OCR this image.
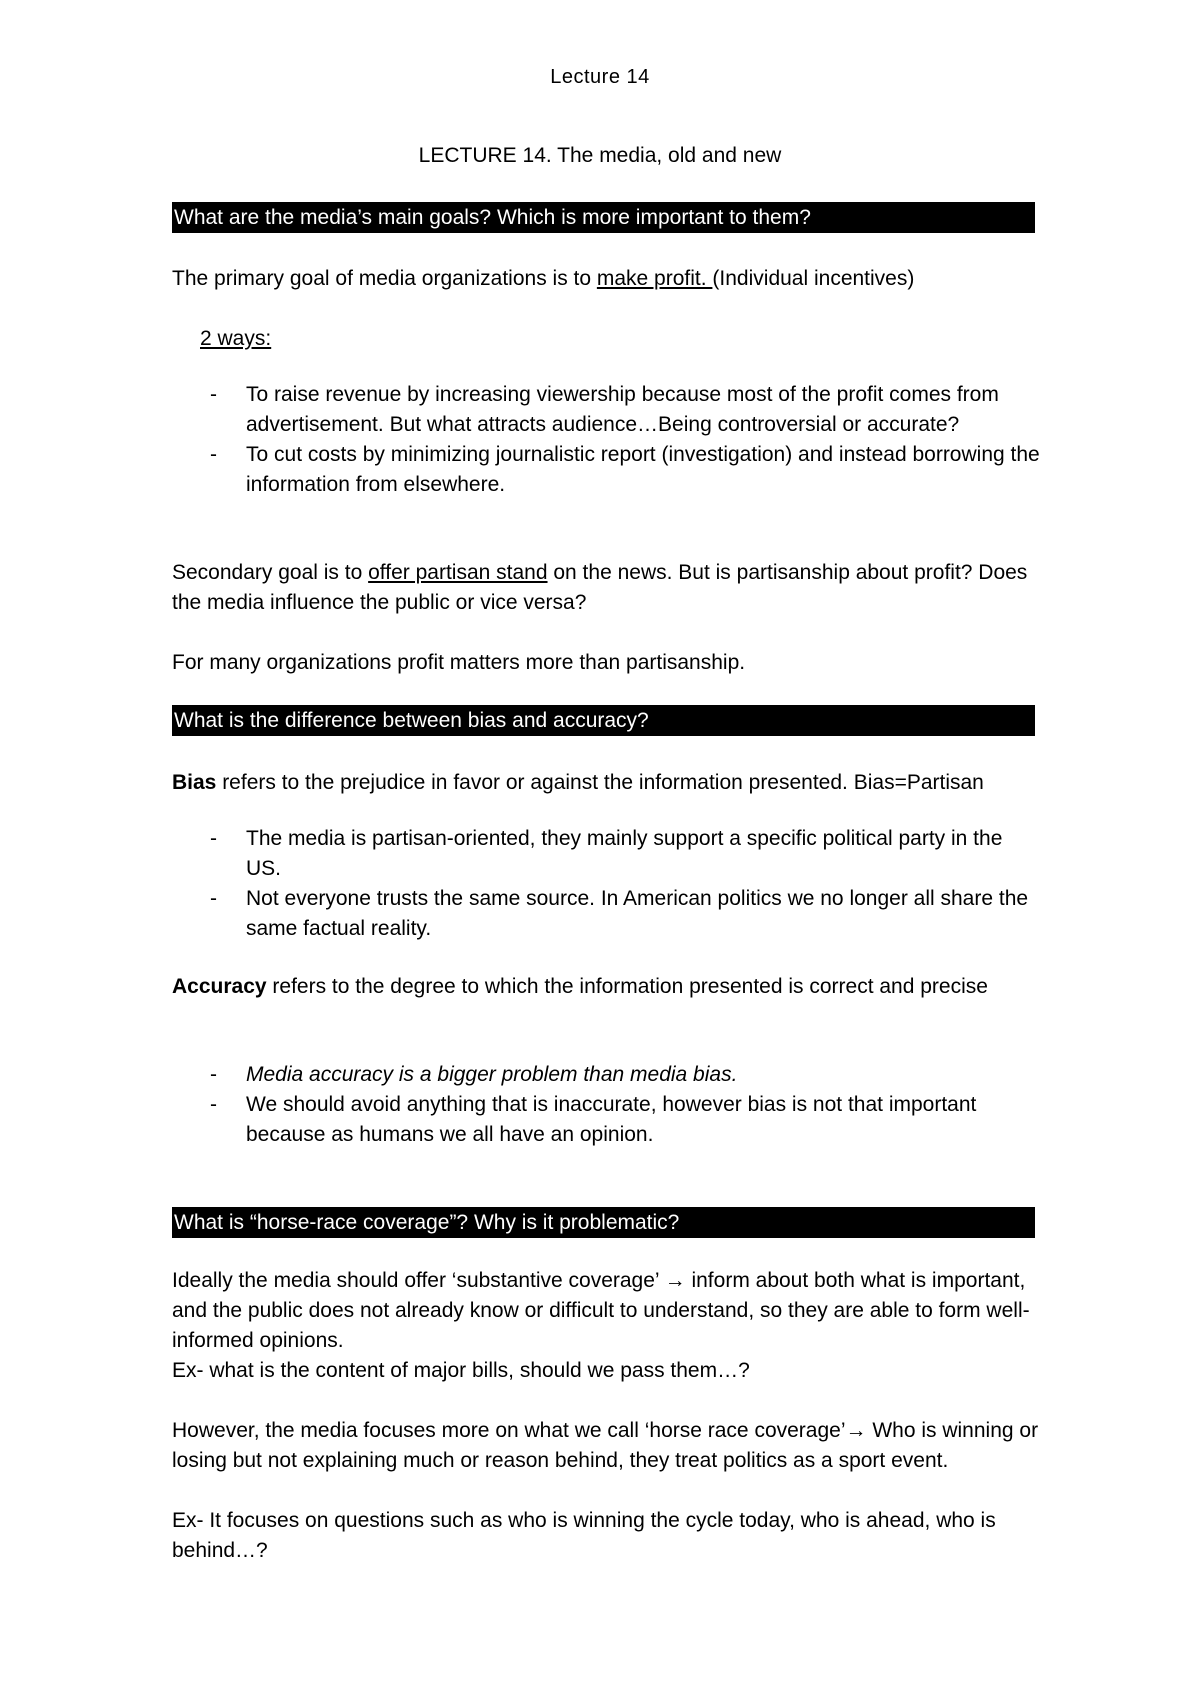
Lecture 14
LECTURE 14. The media, old and new
What are the media’s main goals? Which is more important to them?
The primary goal of media organizations is to make profit. (Individual incentives)
2 ways:
- To raise revenue by increasing viewership because most of the profit comes from advertisement. But what attracts audience…Being controversial or accurate?
- To cut costs by minimizing journalistic report (investigation) and instead borrowing the information from elsewhere.
Secondary goal is to offer partisan stand on the news. But is partisanship about profit? Does the media influence the public or vice versa?
For many organizations profit matters more than partisanship.
What is the difference between bias and accuracy?
Bias refers to the prejudice in favor or against the information presented. Bias=Partisan
- The media is partisan-oriented, they mainly support a specific political party in the US.
- Not everyone trusts the same source. In American politics we no longer all share the same factual reality.
Accuracy refers to the degree to which the information presented is correct and precise
- Media accuracy is a bigger problem than media bias.
- We should avoid anything that is inaccurate, however bias is not that important because as humans we all have an opinion.
What is “horse-race coverage”? Why is it problematic?
Ideally the media should offer ‘substantive coverage’ → inform about both what is important, and the public does not already know or difficult to understand, so they are able to form well-informed opinions.
Ex- what is the content of major bills, should we pass them…?
However, the media focuses more on what we call ‘horse race coverage’→ Who is winning or losing but not explaining much or reason behind, they treat politics as a sport event.
Ex- It focuses on questions such as who is winning the cycle today, who is ahead, who is behind…?
